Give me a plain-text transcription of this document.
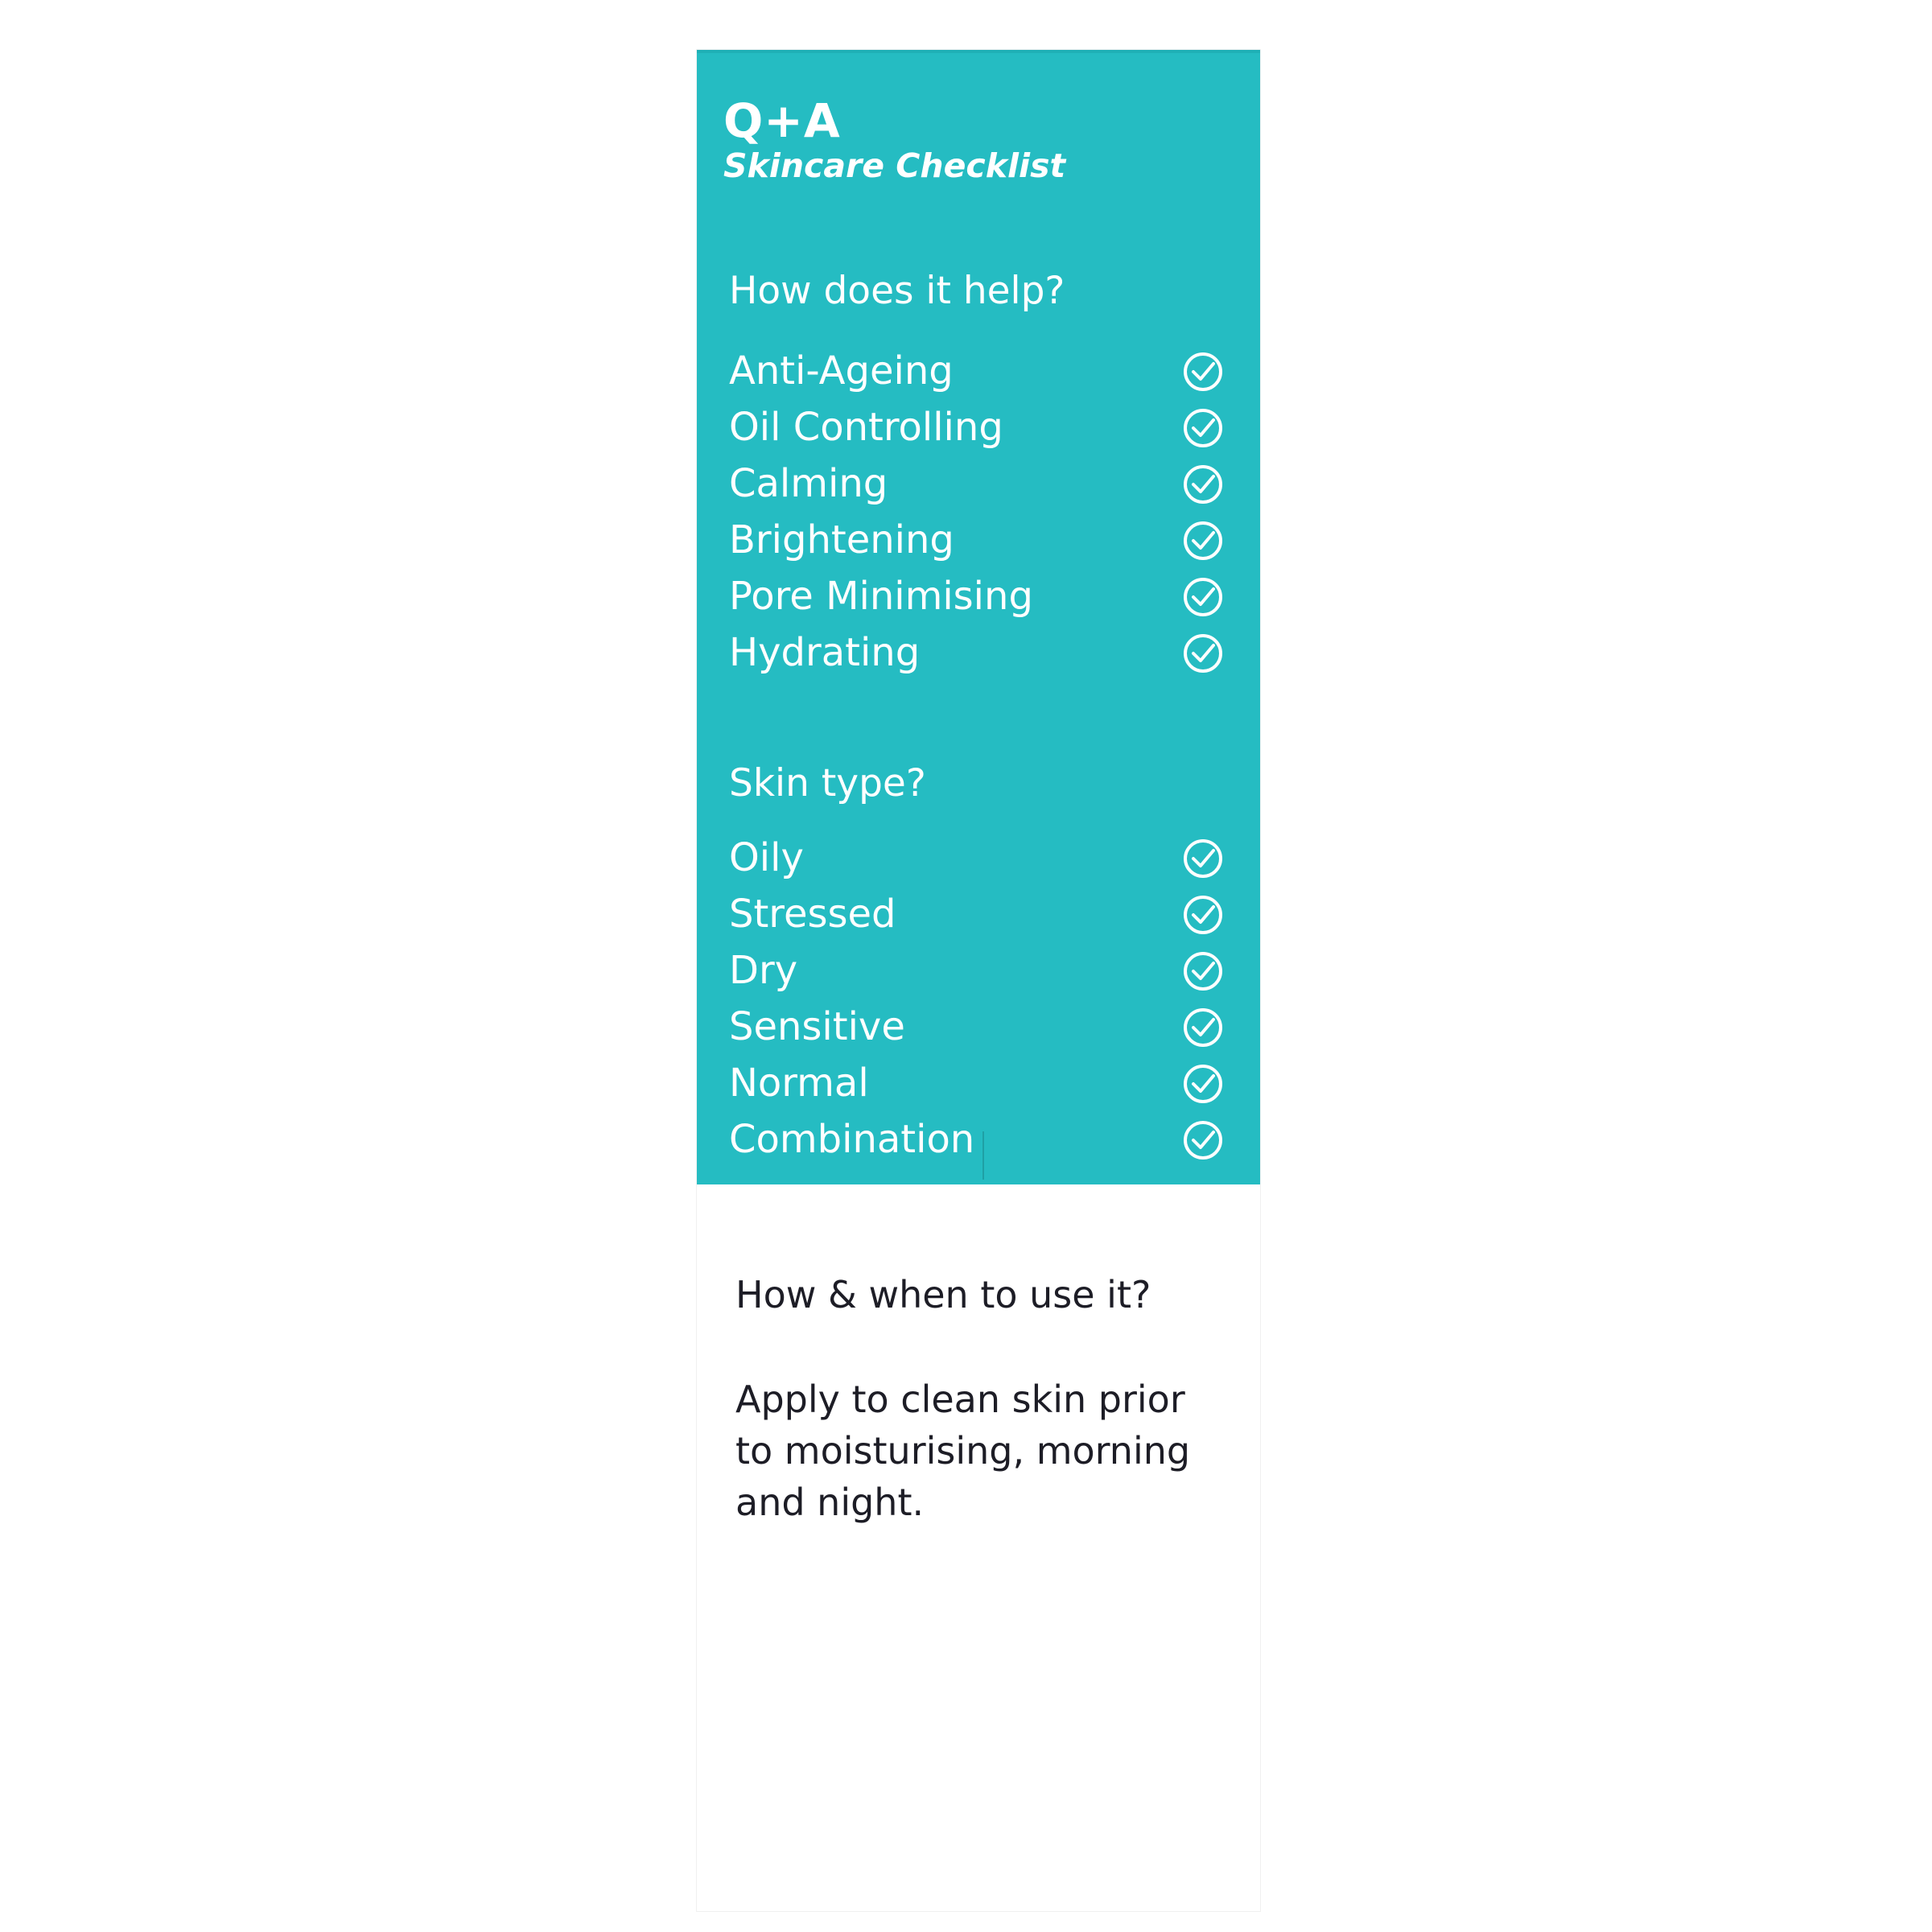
Q+A
Skincare Checklist
How does it help?
Anti-Ageing
Oil Controlling
Calming
Brightening
Pore Minimising
Hydrating
Skin type?
Oily
Stressed
Dry
Sensitive
Normal
Combination
How & when to use it?
Apply to clean skin prior
to moisturising, morning
and night.
